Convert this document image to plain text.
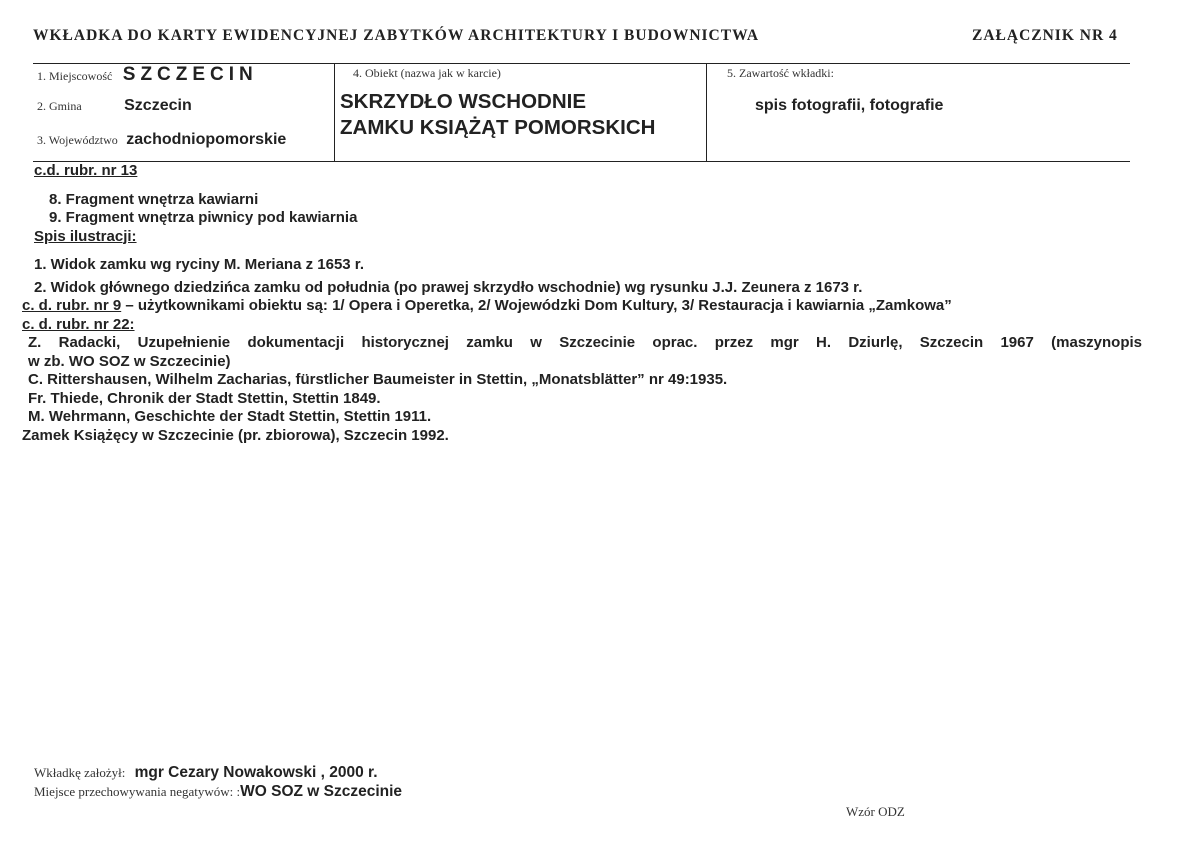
WKŁADKA DO KARTY EWIDENCYJNEJ ZABYTKÓW ARCHITEKTURY I BUDOWNICTWA	ZAŁĄCZNIK NR 4
1. Miejscowość SZCZECIN
2. Gmina	Szczecin
3. Województwo zachodniopomorskie
4. Obiekt (nazwa jak w karcie)
SKRZYDŁO WSCHODNIE
ZAMKU KSIĄŻĄT POMORSKICH
5. Zawartość wkładki:
spis fotografii, fotografie
c.d. rubr. nr 13
8. Fragment wnętrza kawiarni
9. Fragment wnętrza piwnicy pod kawiarnia
Spis ilustracji:
1. Widok zamku wg ryciny M. Meriana z 1653 r.
2. Widok głównego dziedzińca zamku od południa (po prawej skrzydło wschodnie) wg rysunku J.J. Zeunera z 1673 r.
c. d. rubr. nr 9 – użytkownikami obiektu są: 1/ Opera i Operetka, 2/ Wojewódzki Dom Kultury, 3/ Restauracja i kawiarnia „Zamkowa”
c. d. rubr. nr 22:
Z. Radacki, Uzupełnienie dokumentacji historycznej zamku w Szczecinie oprac. przez mgr H. Dziurlę, Szczecin 1967 (maszynopis
w zb. WO SOZ w Szczecinie)
C. Rittershausen, Wilhelm Zacharias, fürstlicher Baumeister in Stettin, „Monatsblätter” nr 49:1935.
Fr. Thiede, Chronik der Stadt Stettin, Stettin 1849.
M. Wehrmann, Geschichte der Stadt Stettin, Stettin 1911.
Zamek Książęcy w Szczecinie (pr. zbiorowa), Szczecin 1992.
Wkładkę założył: mgr Cezary Nowakowski , 2000 r.
Miejsce przechowywania negatywów: :WO SOZ w Szczecinie
Wzór ODZ
